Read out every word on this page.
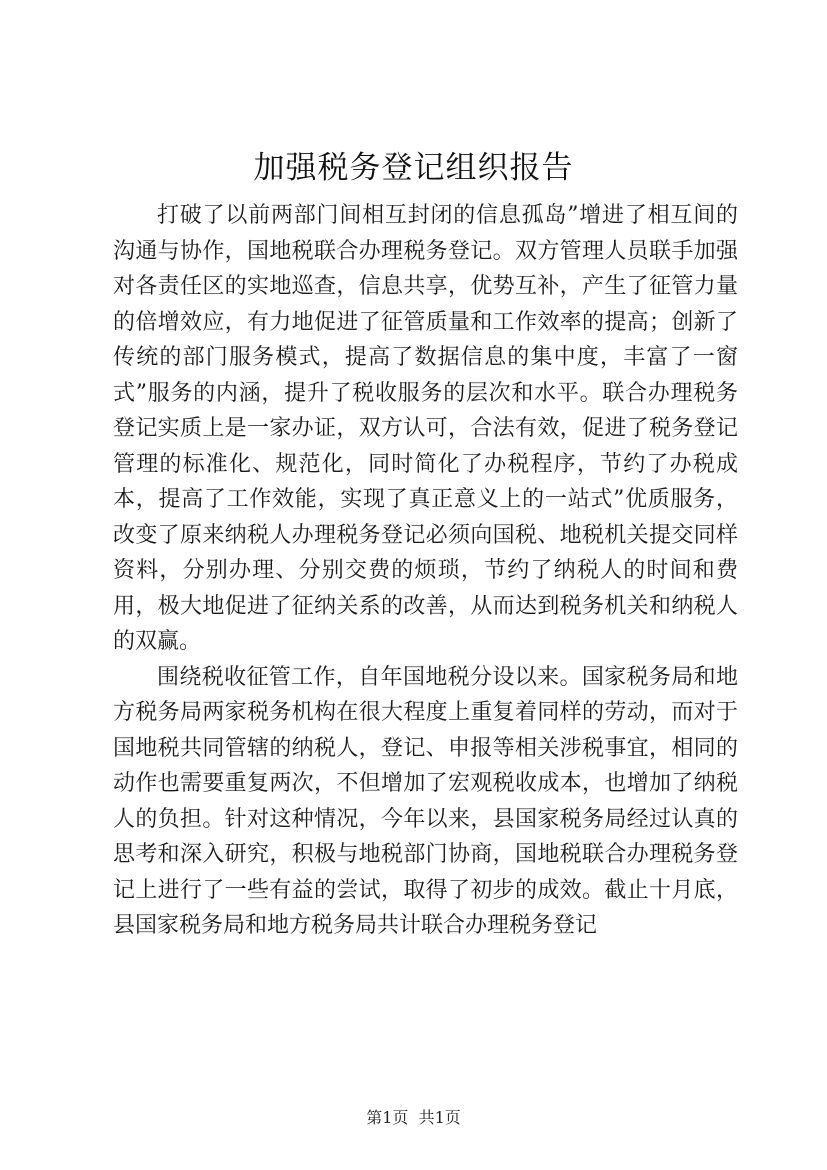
加强税务登记组织报告

打破了以前两部门间相互封闭的信息孤岛”增进了相互间的沟通与协作，国地税联合办理税务登记。双方管理人员联手加强对各责任区的实地巡查，信息共享，优势互补，产生了征管力量的倍增效应，有力地促进了征管质量和工作效率的提高；创新了传统的部门服务模式，提高了数据信息的集中度，丰富了一窗式”服务的内涵，提升了税收服务的层次和水平。联合办理税务登记实质上是一家办证，双方认可，合法有效，促进了税务登记管理的标准化、规范化，同时简化了办税程序，节约了办税成本，提高了工作效能，实现了真正意义上的一站式”优质服务，改变了原来纳税人办理税务登记必须向国税、地税机关提交同样资料，分别办理、分别交费的烦琐，节约了纳税人的时间和费用，极大地促进了征纳关系的改善，从而达到税务机关和纳税人的双赢。

围绕税收征管工作，自年国地税分设以来。国家税务局和地方税务局两家税务机构在很大程度上重复着同样的劳动，而对于国地税共同管辖的纳税人，登记、申报等相关涉税事宜，相同的动作也需要重复两次，不但增加了宏观税收成本，也增加了纳税人的负担。针对这种情况，今年以来，县国家税务局经过认真的思考和深入研究，积极与地税部门协商，国地税联合办理税务登记上进行了一些有益的尝试，取得了初步的成效。截止十月底，县国家税务局和地方税务局共计联合办理税务登记

第1页 共1页
